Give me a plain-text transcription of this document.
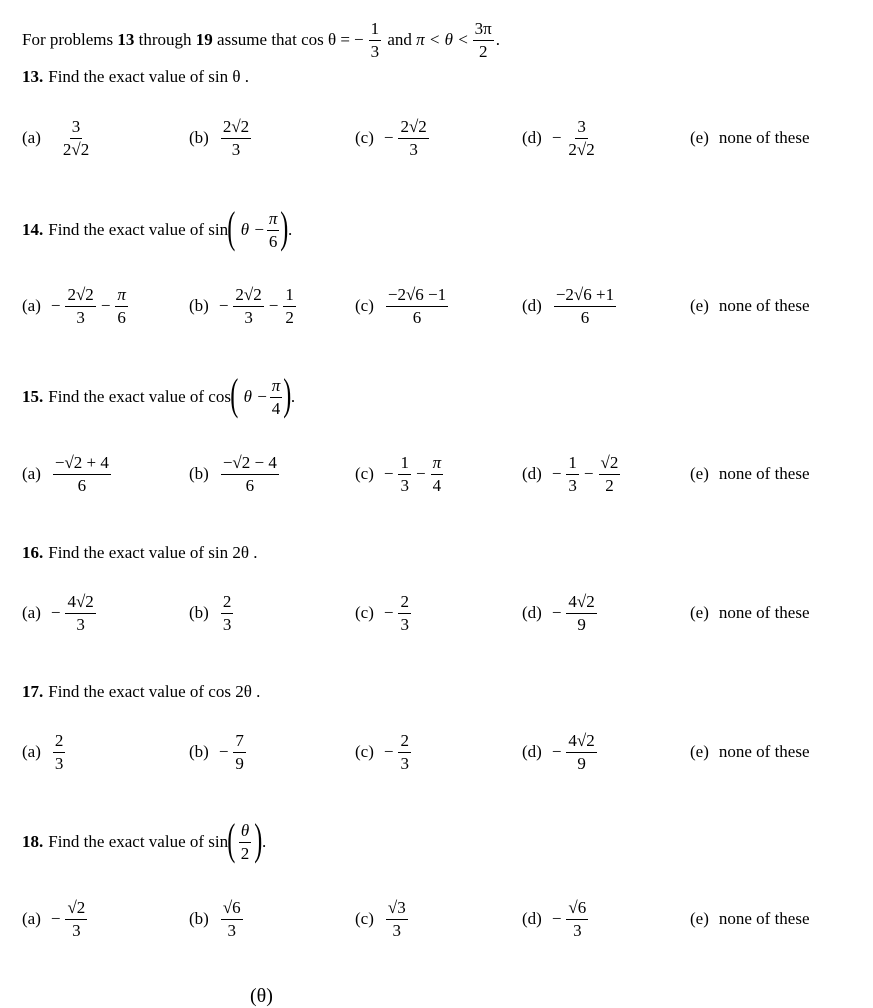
For problems
13
through
19
assume that cos θ = − $\frac{1}{3}$
and
$\pi < \theta < \frac{3\pi}{2}$ .
13. Find the exact value of sin θ .
$(a) \frac{3}{2√2}$	$(b) \frac{2√2}{3}$	$(c) - \frac{2√2}{3}$	$(d) - \frac{3}{2√2}$	(e) none of these
14. Find the exact value of sin ( $\theta - \frac{\pi}{6}$ ) .
$(a) - \frac{2√2}{3} - \frac{\pi}{6}$	$(b) - \frac{2√2}{3} - \frac{1}{2}$	$(c) \frac{-2√6 -1}{6}$	$(d) \frac{-2√6 +1}{6}$	(e) none of these
15. Find the exact value of cos ( $\theta - \frac{\pi}{4}$ ) .
$(a) \frac{-√2 + 4}{6}$	$(b) \frac{-√2 - 4}{6}$	$(c) - \frac{1}{3} - \frac{\pi}{4}$	$(d) - \frac{1}{3} - \frac{√2}{2}$	(e) none of these
16. Find the exact value of sin 2θ .
$(a) - \frac{4√2}{3}$	$(b) \frac{2}{3}$	$(c) - \frac{2}{3}$	$(d) - \frac{4√2}{9}$	(e) none of these
17. Find the exact value of cos 2θ .
$(a) \frac{2}{3}$	$(b) - \frac{7}{9}$	$(c) - \frac{2}{3}$	$(d) - \frac{4√2}{9}$	(e) none of these
18. Find the exact value of sin ( $\frac{\theta}{2}$ ) .
$(a) - \frac{√2}{3}$	$(b) \frac{√6}{3}$	$(c) \frac{√3}{3}$	$(d) - \frac{√6}{3}$	(e) none of these
(θ)
